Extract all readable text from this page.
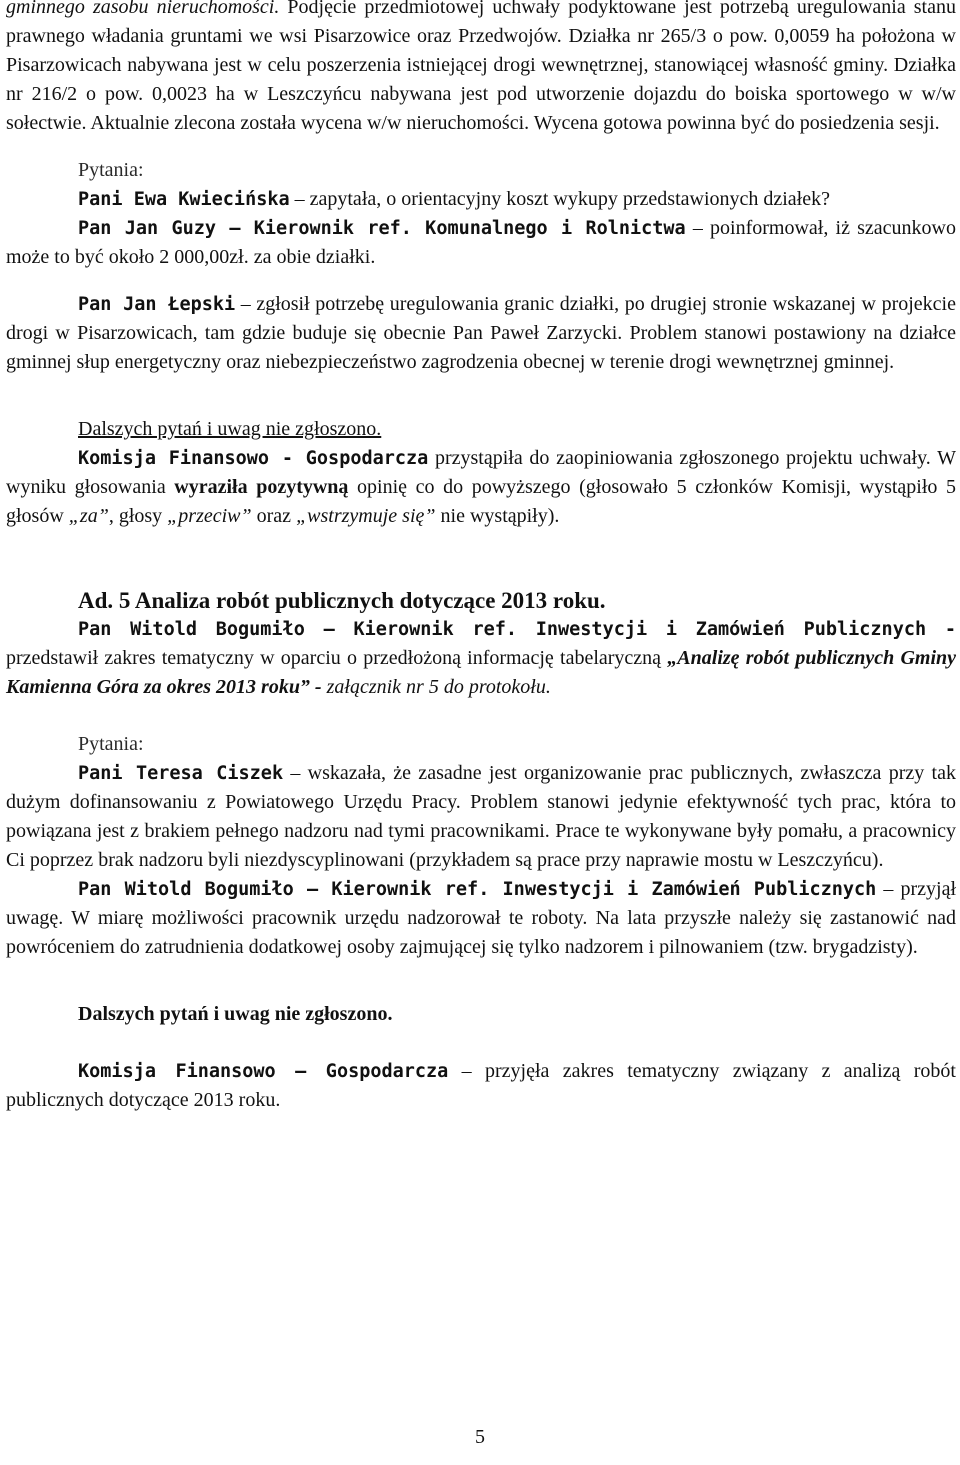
gminnego zasobu nieruchomości. Podjęcie przedmiotowej uchwały podyktowane jest potrzebą uregulowania stanu prawnego władania gruntami we wsi Pisarzowice oraz Przedwojów. Działka nr 265/3 o pow. 0,0059 ha położona w Pisarzowicach nabywana jest w celu poszerzenia istniejącej drogi wewnętrznej, stanowiącej własność gminy. Działka nr 216/2 o pow. 0,0023 ha w Leszczyńcu nabywana jest pod utworzenie dojazdu do boiska sportowego w w/w sołectwie. Aktualnie zlecona została wycena w/w nieruchomości. Wycena gotowa powinna być do posiedzenia sesji.

Pytania:

Pani Ewa Kwiecińska – zapytała, o orientacyjny koszt wykupy przedstawionych działek?

Pan Jan Guzy – Kierownik ref. Komunalnego i Rolnictwa – poinformował, iż szacunkowo może to być około 2 000,00zł. za obie działki.

Pan Jan Łepski – zgłosił potrzebę uregulowania granic działki, po drugiej stronie wskazanej w projekcie drogi w Pisarzowicach, tam gdzie buduje się obecnie Pan Paweł Zarzycki. Problem stanowi postawiony na działce gminnej słup energetyczny oraz niebezpieczeństwo zagrodzenia obecnej w terenie drogi wewnętrznej gminnej.

Dalszych pytań i uwag nie zgłoszono.

Komisja Finansowo - Gospodarcza przystąpiła do zaopiniowania zgłoszonego projektu uchwały. W wyniku głosowania wyraziła pozytywną opinię co do powyższego (głosowało 5 członków Komisji, wystąpiło 5 głosów „za”, głosy „przeciw” oraz „wstrzymuje się” nie wystąpiły).

Ad. 5 Analiza robót publicznych dotyczące 2013 roku.

Pan Witold Bogumiło – Kierownik ref. Inwestycji i Zamówień Publicznych - przedstawił zakres tematyczny w oparciu o przedłożoną informację tabelaryczną „Analizę robót publicznych Gminy Kamienna Góra za okres 2013 roku” - załącznik nr 5 do protokołu.

Pytania:

Pani Teresa Ciszek – wskazała, że zasadne jest organizowanie prac publicznych, zwłaszcza przy tak dużym dofinansowaniu z Powiatowego Urzędu Pracy. Problem stanowi jedynie efektywność tych prac, która to powiązana jest z brakiem pełnego nadzoru nad tymi pracownikami. Prace te wykonywane były pomału, a pracownicy Ci poprzez brak nadzoru byli niezdyscyplinowani (przykładem są prace przy naprawie mostu w Leszczyńcu).

Pan Witold Bogumiło – Kierownik ref. Inwestycji i Zamówień Publicznych – przyjął uwagę. W miarę możliwości pracownik urzędu nadzorował te roboty. Na lata przyszłe należy się zastanowić nad powróceniem do zatrudnienia dodatkowej osoby zajmującej się tylko nadzorem i pilnowaniem (tzw. brygadzisty).

Dalszych pytań i uwag nie zgłoszono.

Komisja Finansowo – Gospodarcza – przyjęła zakres tematyczny związany z analizą robót publicznych dotyczące 2013 roku.

5
